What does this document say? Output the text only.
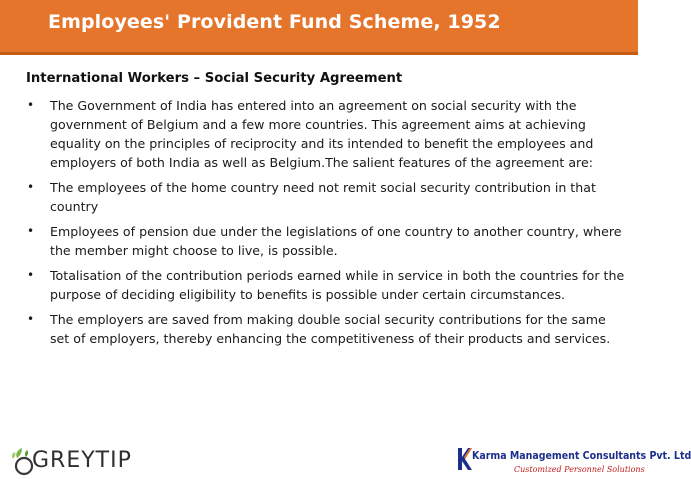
Employees' Provident Fund Scheme, 1952
International Workers – Social Security Agreement
• The Government of India has entered into an agreement on social security with the government of Belgium and a few more countries. This agreement aims at achieving equality on the principles of reciprocity and its intended to benefit the employees and employers of both India as well as Belgium.The salient features of the agreement are:
• The employees of the home country need not remit social security contribution in that country
• Employees of pension due under the legislations of one country to another country, where the member might choose to live, is possible.
• Totalisation of the contribution periods earned while in service in both the countries for the purpose of deciding eligibility to benefits is possible under certain circumstances.
• The employers are saved from making double social security contributions for the same set of employers, thereby enhancing the competitiveness of their products and services.
GREYTIP	Karma Management Consultants Pvt. Ltd
Customized Personnel Solutions
